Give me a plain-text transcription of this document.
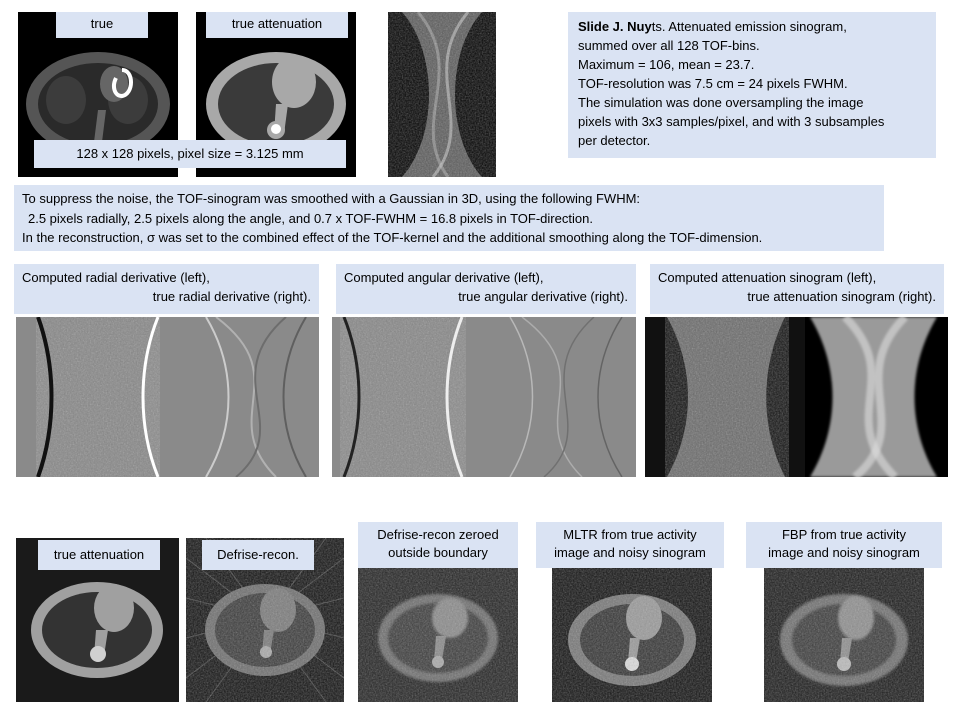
true	true attenuation
128 x 128 pixels, pixel size = 3.125 mm

Slide J. Nuyts. Attenuated emission sinogram,

summed over all 128 TOF-bins.

Maximum = 106, mean = 23.7.

TOF-resolution was 7.5 cm = 24 pixels FWHM.

The simulation was done oversampling the image

pixels with 3x3 samples/pixel, and with 3 subsamples

per detector.

To suppress the noise, the TOF-sinogram was smoothed with a Gaussian in 3D, using the following FWHM:

2.5 pixels radially, 2.5 pixels along the angle, and 0.7 x TOF-FWHM = 16.8 pixels in TOF-direction.

In the reconstruction, σ was set to the combined effect of the TOF-kernel and the additional smoothing along the TOF-dimension.

Computed radial derivative (left),

true radial derivative (right).

Computed angular derivative (left),

true angular derivative (right).

Computed attenuation sinogram (left),

true attenuation sinogram (right).

true attenuation	Defrise-recon.
Defrise-recon zeroed
outside boundary
MLTR from true activity
image and noisy sinogram
FBP from true activity
image and noisy sinogram
